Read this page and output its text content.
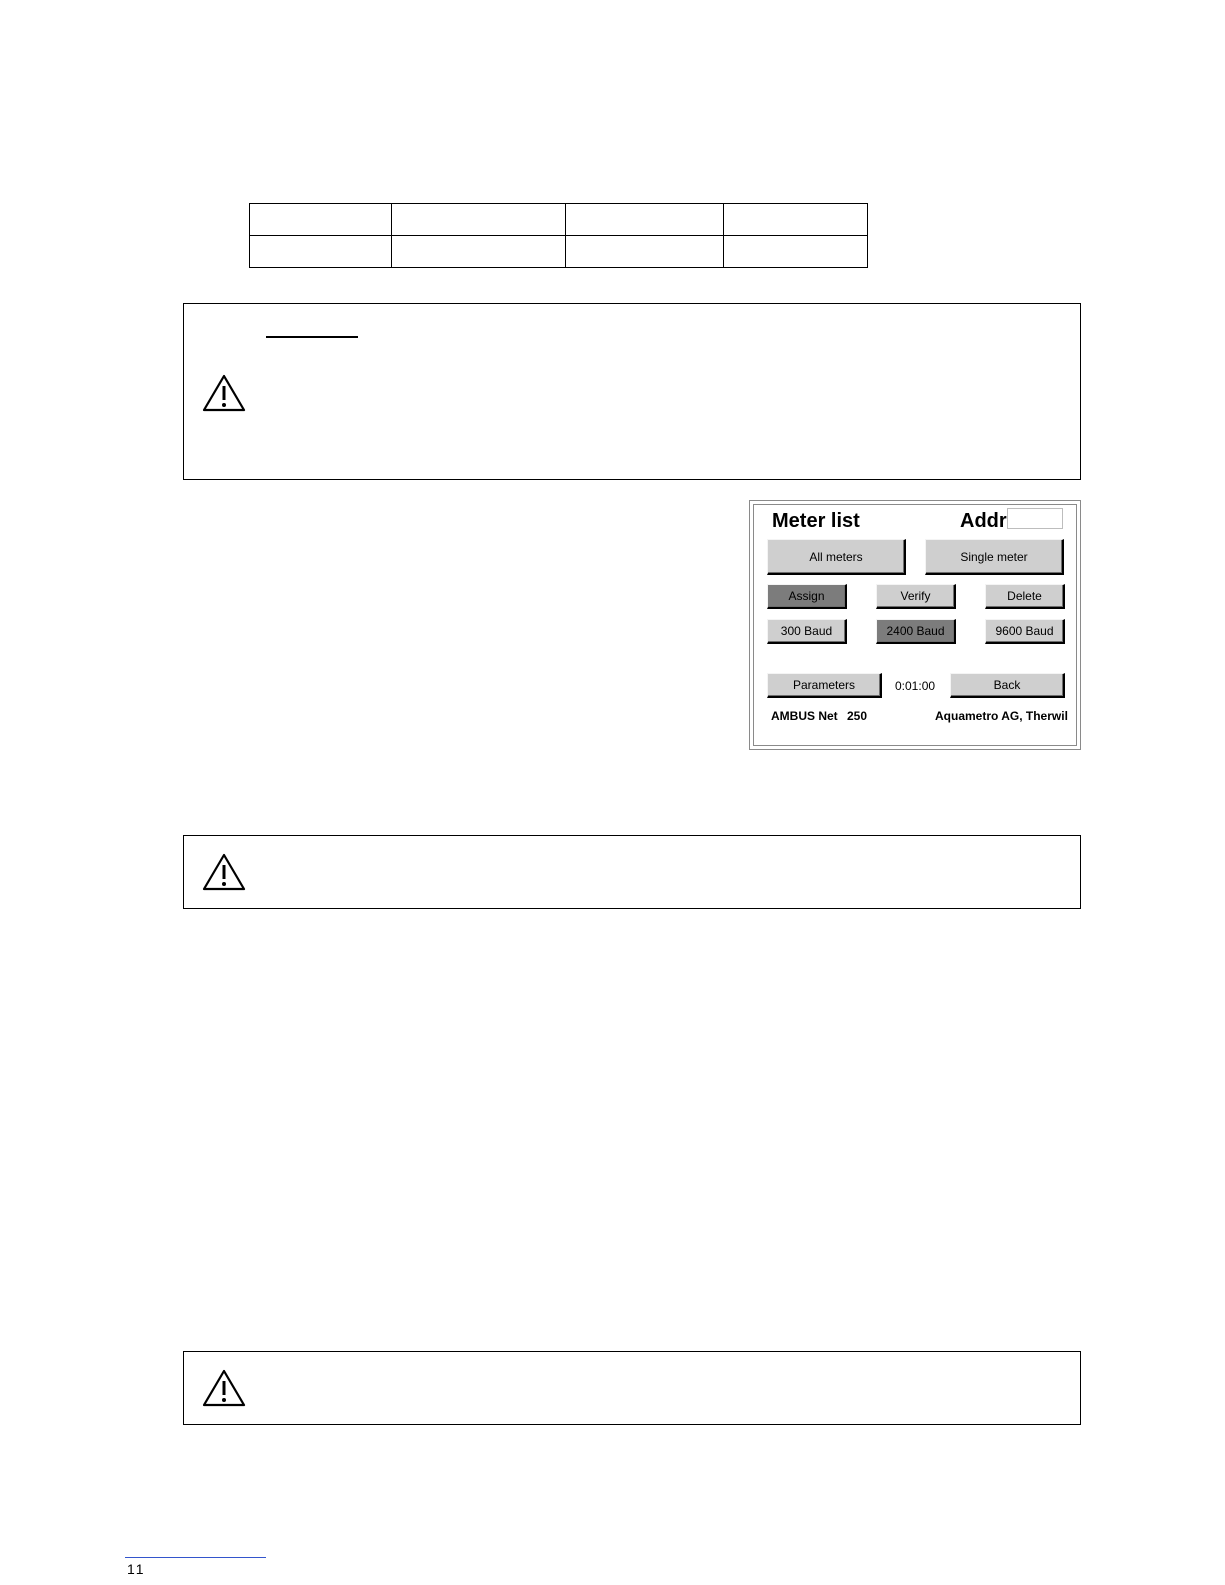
Meter list	Addr
All meters	Single meter
Assign	Verify	Delete
300 Baud	2400 Baud	9600 Baud
Parameters	0:01:00	Back
AMBUS Net 250	Aquametro AG, Therwil
11
